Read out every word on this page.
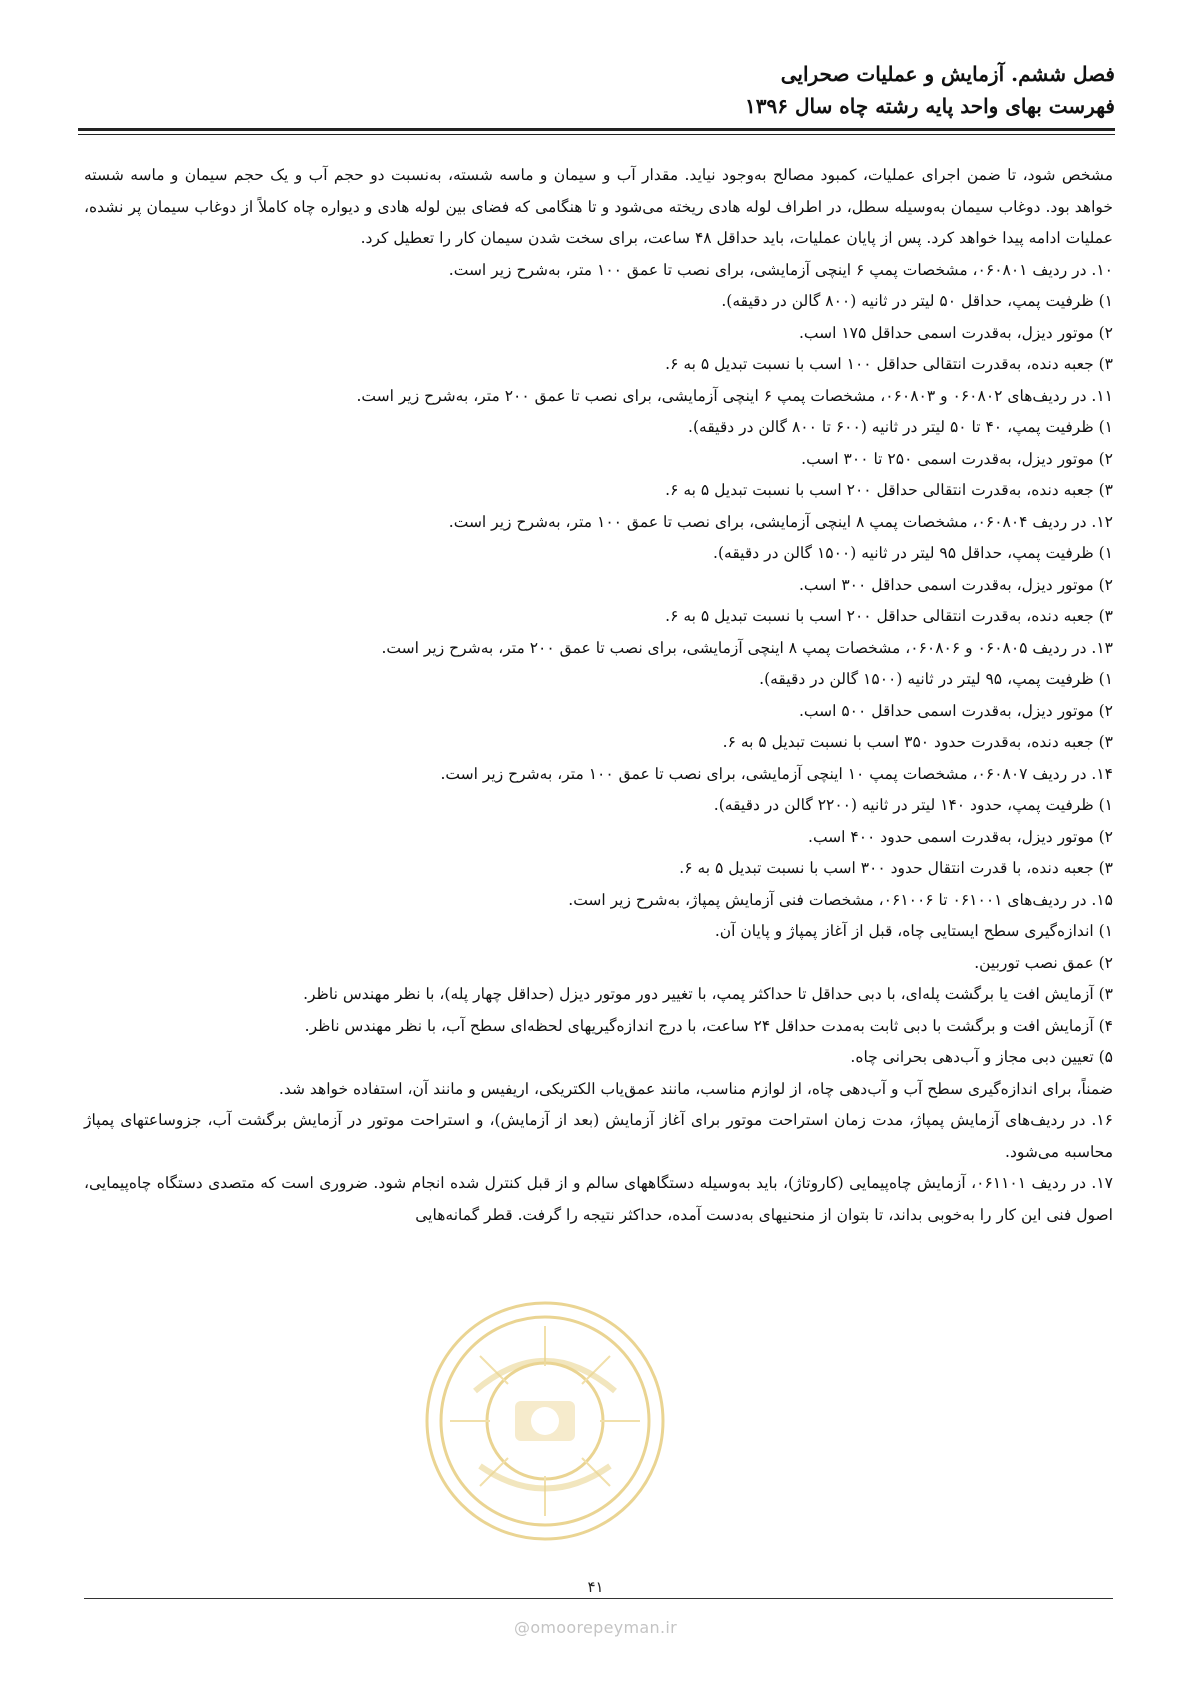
فصل ششم. آزمایش و عملیات صحرایی
فهرست بهای واحد پایه رشته چاه سال ۱۳۹۶

مشخص شود، تا ضمن اجرای عملیات، کمبود مصالح به‌وجود نیاید. مقدار آب و سیمان و ماسه شسته، به‌نسبت دو حجم آب و یک حجم سیمان و ماسه شسته خواهد بود. دوغاب سیمان به‌وسیله سطل، در اطراف لوله هادی ریخته می‌شود و تا هنگامی که فضای بین لوله هادی و دیواره چاه کاملاً از دوغاب سیمان پر نشده، عملیات ادامه پیدا خواهد کرد. پس از پایان عملیات، باید حداقل ۴۸ ساعت، برای سخت شدن سیمان کار را تعطیل کرد.

۱۰. در ردیف ۰۶۰۸۰۱، مشخصات پمپ ۶ اینچی آزمایشی، برای نصب تا عمق ۱۰۰ متر، به‌شرح زیر است.

۱) ظرفیت پمپ، حداقل ۵۰ لیتر در ثانیه (۸۰۰ گالن در دقیقه).

۲) موتور دیزل، به‌قدرت اسمی حداقل ۱۷۵ اسب.

۳) جعبه دنده، به‌قدرت انتقالی حداقل ۱۰۰ اسب با نسبت تبدیل ۵ به ۶.

۱۱. در ردیف‌های ۰۶۰۸۰۲ و ۰۶۰۸۰۳، مشخصات پمپ ۶ اینچی آزمایشی، برای نصب تا عمق ۲۰۰ متر، به‌شرح زیر است.

۱) ظرفیت پمپ، ۴۰ تا ۵۰ لیتر در ثانیه (۶۰۰ تا ۸۰۰ گالن در دقیقه).

۲) موتور دیزل، به‌قدرت اسمی ۲۵۰ تا ۳۰۰ اسب.

۳) جعبه دنده، به‌قدرت انتقالی حداقل ۲۰۰ اسب با نسبت تبدیل ۵ به ۶.

۱۲. در ردیف ۰۶۰۸۰۴، مشخصات پمپ ۸ اینچی آزمایشی، برای نصب تا عمق ۱۰۰ متر، به‌شرح زیر است.

۱) ظرفیت پمپ، حداقل ۹۵ لیتر در ثانیه (۱۵۰۰ گالن در دقیقه).

۲) موتور دیزل، به‌قدرت اسمی حداقل ۳۰۰ اسب.

۳) جعبه دنده، به‌قدرت انتقالی حداقل ۲۰۰ اسب با نسبت تبدیل ۵ به ۶.

۱۳. در ردیف ۰۶۰۸۰۵ و ۰۶۰۸۰۶، مشخصات پمپ ۸ اینچی آزمایشی، برای نصب تا عمق ۲۰۰ متر، به‌شرح زیر است.

۱) ظرفیت پمپ، ۹۵ لیتر در ثانیه (۱۵۰۰ گالن در دقیقه).

۲) موتور دیزل، به‌قدرت اسمی حداقل ۵۰۰ اسب.

۳) جعبه دنده، به‌قدرت حدود ۳۵۰ اسب با نسبت تبدیل ۵ به ۶.

۱۴. در ردیف ۰۶۰۸۰۷، مشخصات پمپ ۱۰ اینچی آزمایشی، برای نصب تا عمق ۱۰۰ متر، به‌شرح زیر است.

۱) ظرفیت پمپ، حدود ۱۴۰ لیتر در ثانیه (۲۲۰۰ گالن در دقیقه).

۲) موتور دیزل، به‌قدرت اسمی حدود ۴۰۰ اسب.

۳) جعبه دنده، با قدرت انتقال حدود ۳۰۰ اسب با نسبت تبدیل ۵ به ۶.

۱۵. در ردیف‌های ۰۶۱۰۰۱ تا ۰۶۱۰۰۶، مشخصات فنی آزمایش پمپاژ، به‌شرح زیر است.

۱) اندازه‌گیری سطح ایستایی چاه، قبل از آغاز پمپاژ و پایان آن.

۲) عمق نصب توربین.

۳) آزمایش افت یا برگشت پله‌ای، با دبی حداقل تا حداکثر پمپ، با تغییر دور موتور دیزل (حداقل چهار پله)، با نظر مهندس ناظر.

۴) آزمایش افت و برگشت با دبی ثابت به‌مدت حداقل ۲۴ ساعت، با درج اندازه‌گیریهای لحظه‌ای سطح آب، با نظر مهندس ناظر.

۵) تعیین دبی مجاز و آب‌دهی بحرانی چاه.

ضمناً، برای اندازه‌گیری سطح آب و آب‌دهی چاه، از لوازم مناسب، مانند عمق‌یاب الکتریکی، اریفیس و مانند آن، استفاده خواهد شد.

۱۶. در ردیف‌های آزمایش پمپاژ، مدت زمان استراحت موتور برای آغاز آزمایش (بعد از آزمایش)، و استراحت موتور در آزمایش برگشت آب، جزوساعتهای پمپاژ محاسبه می‌شود.

۱۷. در ردیف ۰۶۱۱۰۱، آزمایش چاه‌پیمایی (کاروتاژ)، باید به‌وسیله دستگاههای سالم و از قبل کنترل شده انجام شود. ضروری است که متصدی دستگاه چاه‌پیمایی، اصول فنی این کار را به‌خوبی بداند، تا بتوان از منحنیهای به‌دست آمده، حداکثر نتیجه را گرفت. قطر گمانه‌هایی

۴۱
@omoorepeyman.ir
